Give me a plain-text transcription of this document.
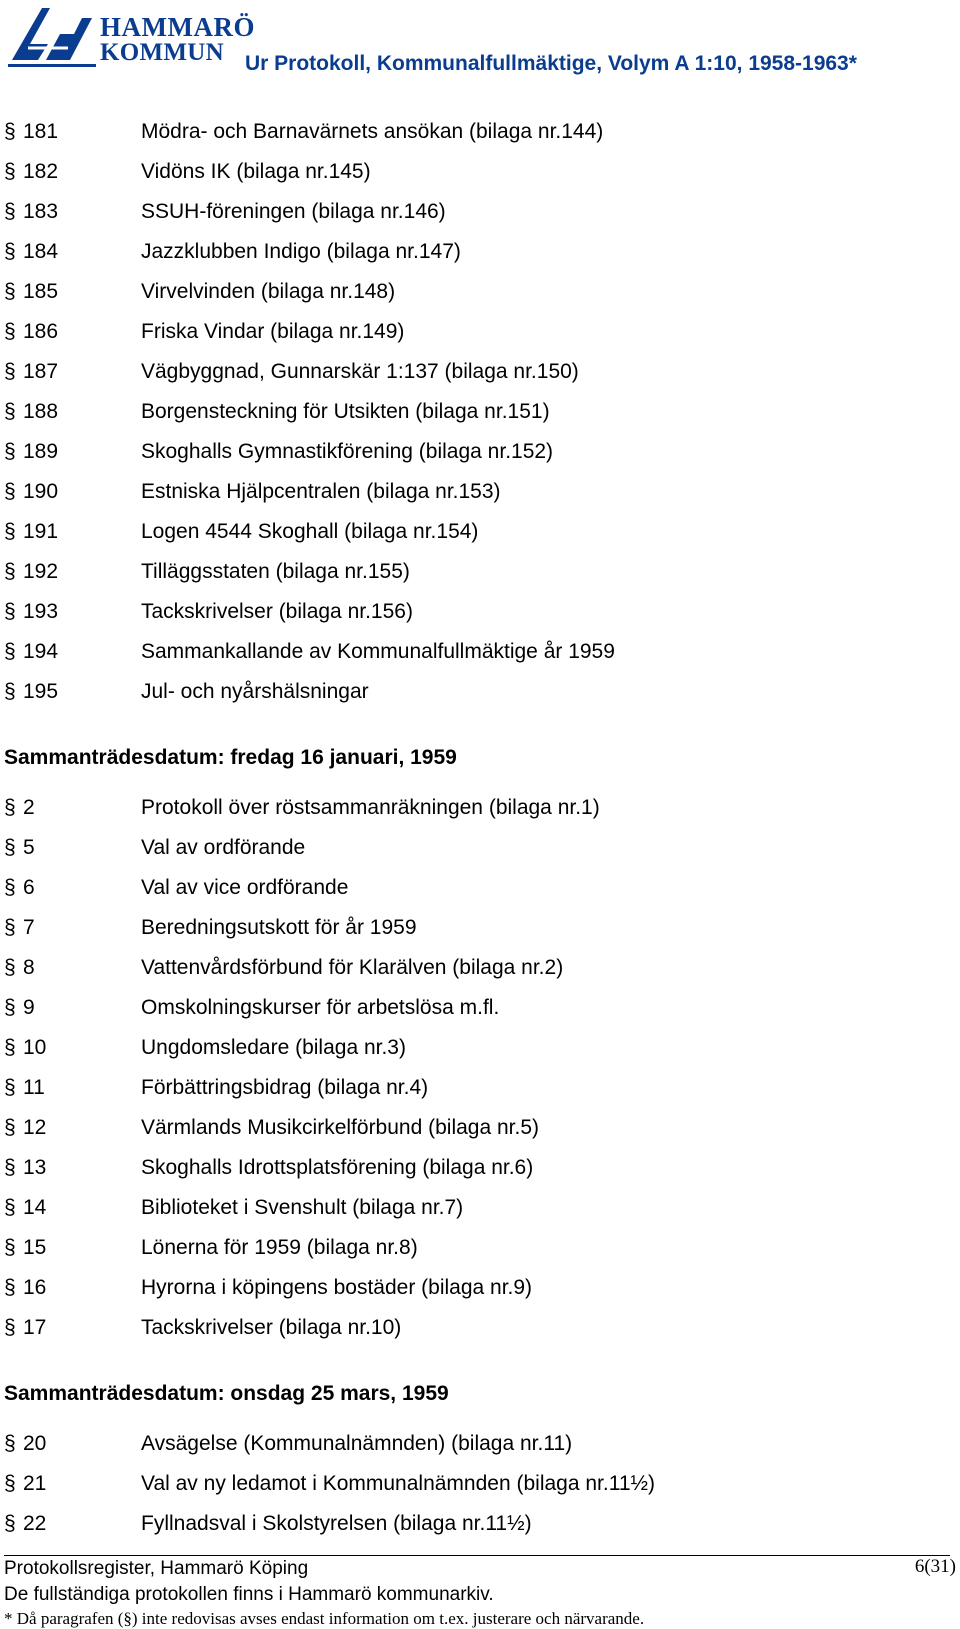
HAMMARÖ
KOMMUN	Ur Protokoll, Kommunalfullmäktige, Volym A 1:10, 1958-1963*
§ 181	Mödra- och Barnavärnets ansökan (bilaga nr.144)
§ 182	Vidöns IK (bilaga nr.145)
§ 183	SSUH-föreningen (bilaga nr.146)
§ 184	Jazzklubben Indigo (bilaga nr.147)
§ 185	Virvelvinden (bilaga nr.148)
§ 186	Friska Vindar (bilaga nr.149)
§ 187	Vägbyggnad, Gunnarskär 1:137 (bilaga nr.150)
§ 188	Borgensteckning för Utsikten (bilaga nr.151)
§ 189	Skoghalls Gymnastikförening (bilaga nr.152)
§ 190	Estniska Hjälpcentralen (bilaga nr.153)
§ 191	Logen 4544 Skoghall (bilaga nr.154)
§ 192	Tilläggsstaten (bilaga nr.155)
§ 193	Tackskrivelser (bilaga nr.156)
§ 194	Sammankallande av Kommunalfullmäktige år 1959
§ 195	Jul- och nyårshälsningar
Sammanträdesdatum: fredag 16 januari, 1959
§ 2	Protokoll över röstsammanräkningen (bilaga nr.1)
§ 5	Val av ordförande
§ 6	Val av vice ordförande
§ 7	Beredningsutskott för år 1959
§ 8	Vattenvårdsförbund för Klarälven (bilaga nr.2)
§ 9	Omskolningskurser för arbetslösa m.fl.
§ 10	Ungdomsledare (bilaga nr.3)
§ 11	Förbättringsbidrag (bilaga nr.4)
§ 12	Värmlands Musikcirkelförbund (bilaga nr.5)
§ 13	Skoghalls Idrottsplatsförening (bilaga nr.6)
§ 14	Biblioteket i Svenshult (bilaga nr.7)
§ 15	Lönerna för 1959 (bilaga nr.8)
§ 16	Hyrorna i köpingens bostäder (bilaga nr.9)
§ 17	Tackskrivelser (bilaga nr.10)
Sammanträdesdatum: onsdag 25 mars, 1959
§ 20	Avsägelse (Kommunalnämnden) (bilaga nr.11)
§ 21	Val av ny ledamot i Kommunalnämnden (bilaga nr.11½)
§ 22	Fyllnadsval i Skolstyrelsen (bilaga nr.11½)
Protokollsregister, Hammarö Köping
De fullständiga protokollen finns i Hammarö kommunarkiv.
* Då paragrafen (§) inte redovisas avses endast information om t.ex. justerare och närvarande.
6(31)
